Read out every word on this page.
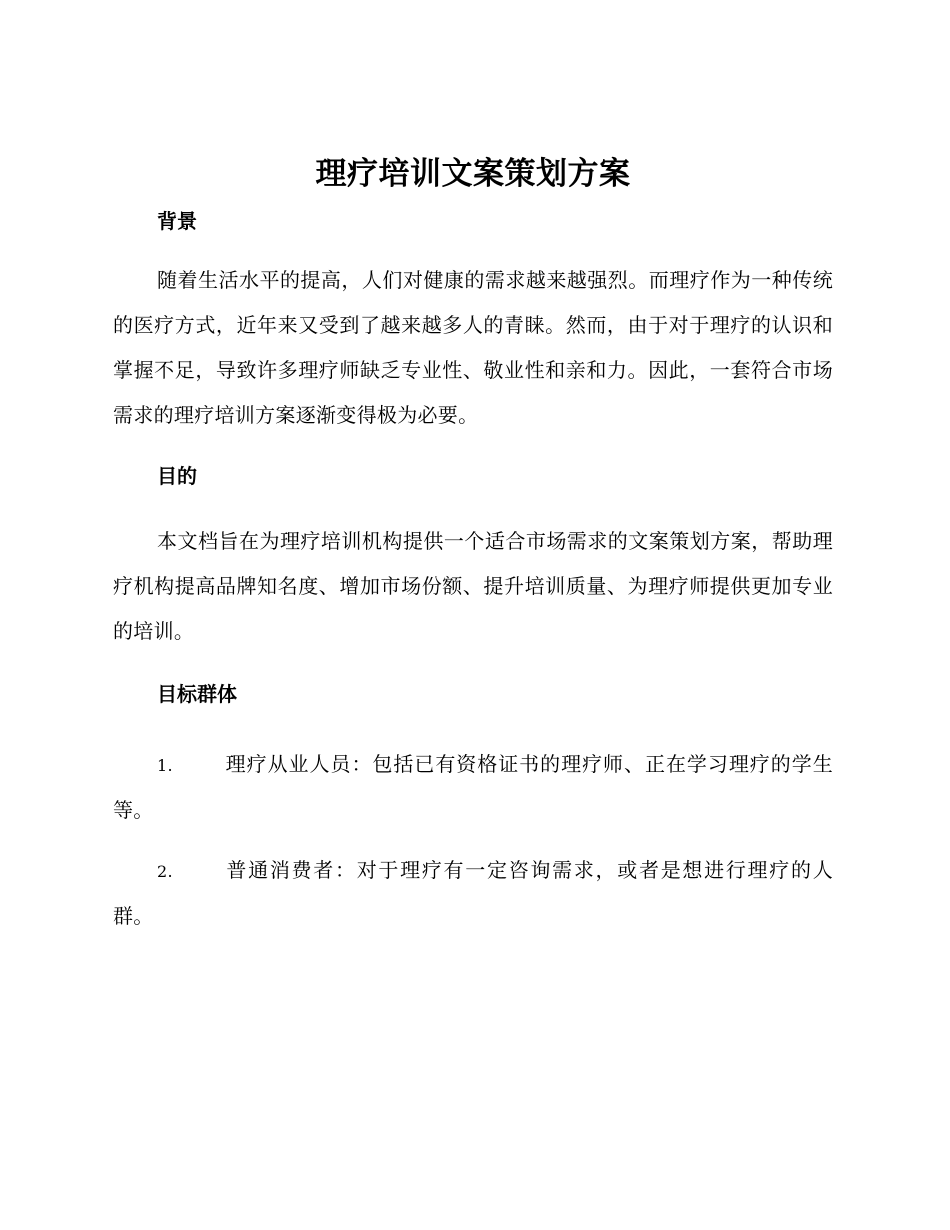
理疗培训文案策划方案
背景

随着生活水平的提高，人们对健康的需求越来越强烈。而理疗作为一种传统的医疗方式，近年来又受到了越来越多人的青睐。然而，由于对于理疗的认识和掌握不足，导致许多理疗师缺乏专业性、敬业性和亲和力。因此，一套符合市场需求的理疗培训方案逐渐变得极为必要。

目的

本文档旨在为理疗培训机构提供一个适合市场需求的文案策划方案，帮助理疗机构提高品牌知名度、增加市场份额、提升培训质量、为理疗师提供更加专业的培训。

目标群体
1.	理疗从业人员：包括已有资格证书的理疗师、正在学习理疗的学生等。
2.	普通消费者：对于理疗有一定咨询需求，或者是想进行理疗的人群。
